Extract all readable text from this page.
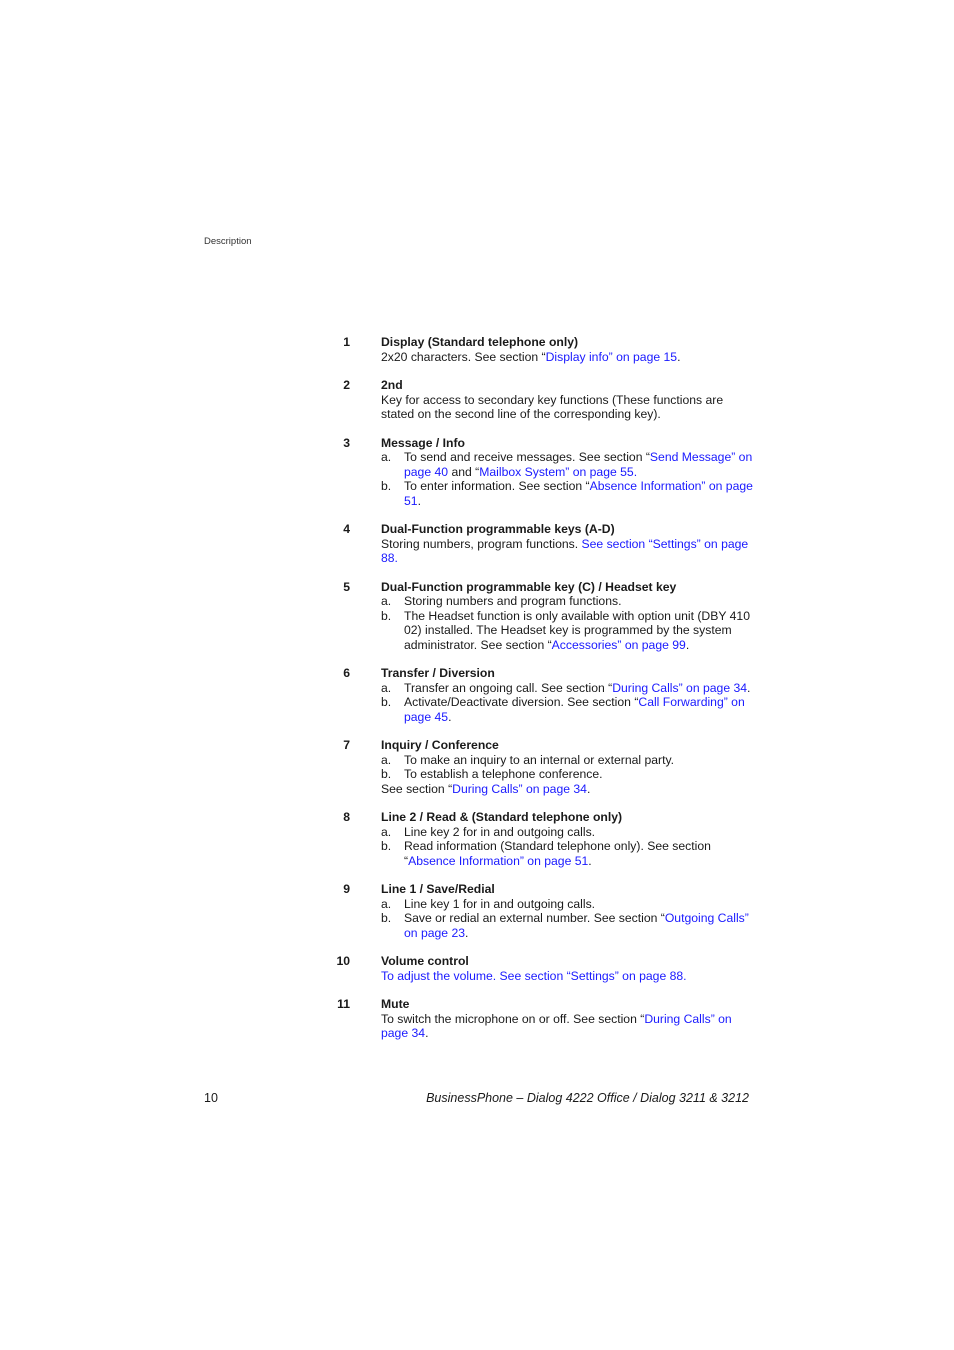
Description
1	Display (Standard telephone only)
2x20 characters. See section “Display info” on page 15.
2	2nd
Key for access to secondary key functions (These functions are stated on the second line of the corresponding key).
3	Message / Info
a. To send and receive messages. See section “Send Message” on page 40 and “Mailbox System” on page 55.
b. To enter information. See section “Absence Information” on page 51.
4	Dual-Function programmable keys (A-D)
Storing numbers, program functions. See section “Settings” on page 88.
5	Dual-Function programmable key (C) / Headset key
a. Storing numbers and program functions.
b. The Headset function is only available with option unit (DBY 410 02) installed. The Headset key is programmed by the system administrator. See section “Accessories” on page 99.
6	Transfer / Diversion
a. Transfer an ongoing call. See section “During Calls” on page 34.
b. Activate/Deactivate diversion. See section “Call Forwarding” on page 45.
7	Inquiry / Conference
a. To make an inquiry to an internal or external party.
b. To establish a telephone conference.
See section “During Calls” on page 34.
8	Line 2 / Read & (Standard telephone only)
a. Line key 2 for in and outgoing calls.
b. Read information (Standard telephone only). See section “Absence Information” on page 51.
9	Line 1 / Save/Redial
a. Line key 1 for in and outgoing calls.
b. Save or redial an external number. See section “Outgoing Calls” on page 23.
10	Volume control
To adjust the volume. See section “Settings” on page 88.
11	Mute
To switch the microphone on or off. See section “During Calls” on page 34.
10	BusinessPhone – Dialog 4222 Office / Dialog 3211 & 3212
